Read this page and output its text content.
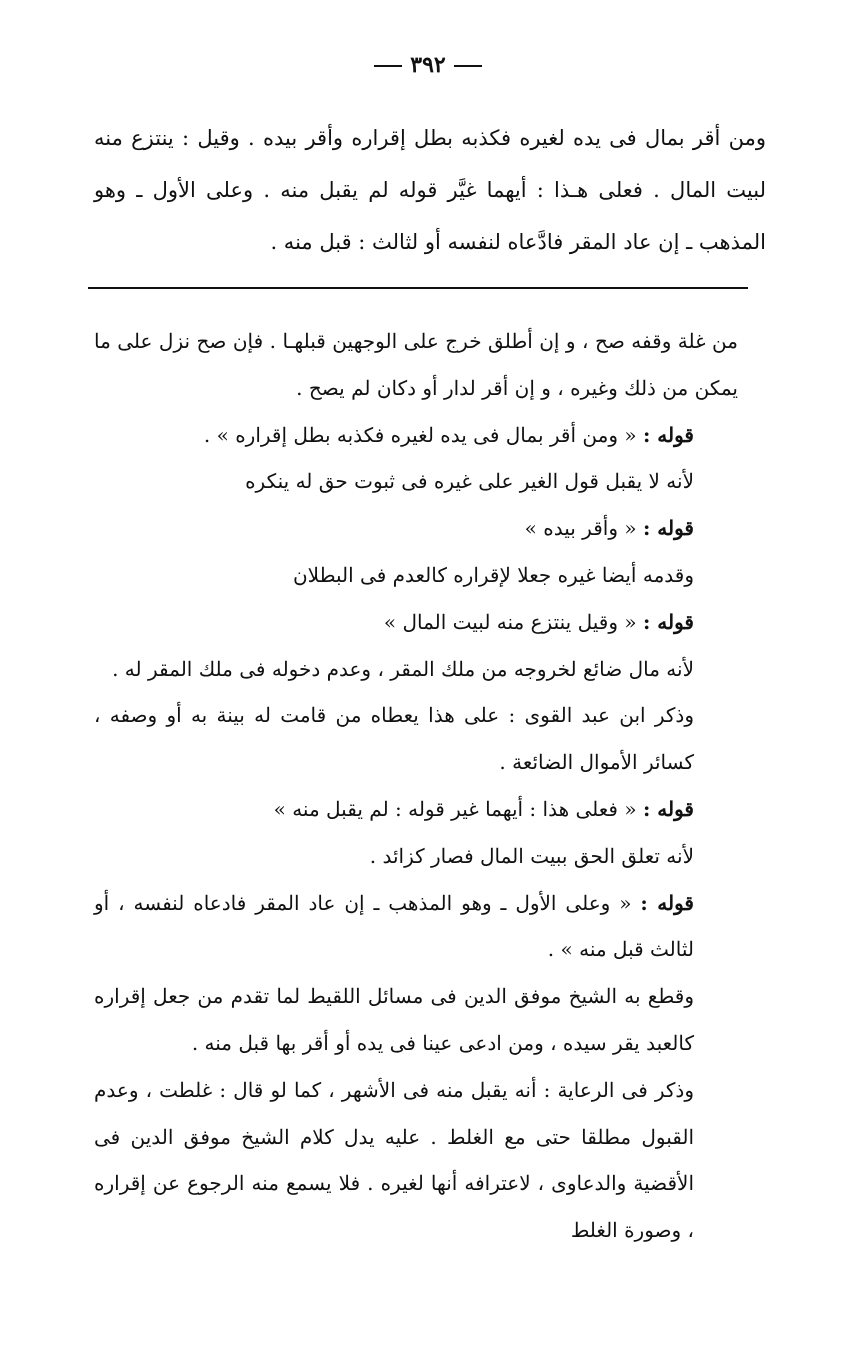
٣٩٢
ومن أقر بمال فى يده لغيره فكذبه بطل إقراره وأقر بيده . وقيل : ينتزع منه لبيت المال . فعلى هـذا : أيهما غيَّر قوله لم يقبل منه . وعلى الأول ـ وهو المذهب ـ إن عاد المقر فادَّعاه لنفسه أو لثالث : قبل منه .

من غلة وقفه صح ، و إن أطلق خرج على الوجهين قبلهـا . فإن صح نزل على ما يمكن من ذلك وغيره ، و إن أقر لدار أو دكان لم يصح .

قوله : « ومن أقر بمال فى يده لغيره فكذبه بطل إقراره » .

لأنه لا يقبل قول الغير على غيره فى ثبوت حق له ينكره

قوله : « وأقر بيده »

وقدمه أيضا غيره جعلا لإقراره كالعدم فى البطلان

قوله : « وقيل ينتزع منه لبيت المال »

لأنه مال ضائع لخروجه من ملك المقر ، وعدم دخوله فى ملك المقر له .

وذكر ابن عبد القوى : على هذا يعطاه من قامت له بينة به أو وصفه ، كسائر الأموال الضائعة .

قوله : « فعلى هذا : أيهما غير قوله : لم يقبل منه »

لأنه تعلق الحق ببيت المال فصار كزائد .

قوله : « وعلى الأول ـ وهو المذهب ـ إن عاد المقر فادعاه لنفسه ، أو لثالث قبل منه » .

وقطع به الشيخ موفق الدين فى مسائل اللقيط لما تقدم من جعل إقراره كالعبد يقر سيده ، ومن ادعى عينا فى يده أو أقر بها قبل منه .

وذكر فى الرعاية : أنه يقبل منه فى الأشهر ، كما لو قال : غلطت ، وعدم القبول مطلقا حتى مع الغلط . عليه يدل كلام الشيخ موفق الدين فى الأقضية والدعاوى ، لاعترافه أنها لغيره . فلا يسمع منه الرجوع عن إقراره ، وصورة الغلط
